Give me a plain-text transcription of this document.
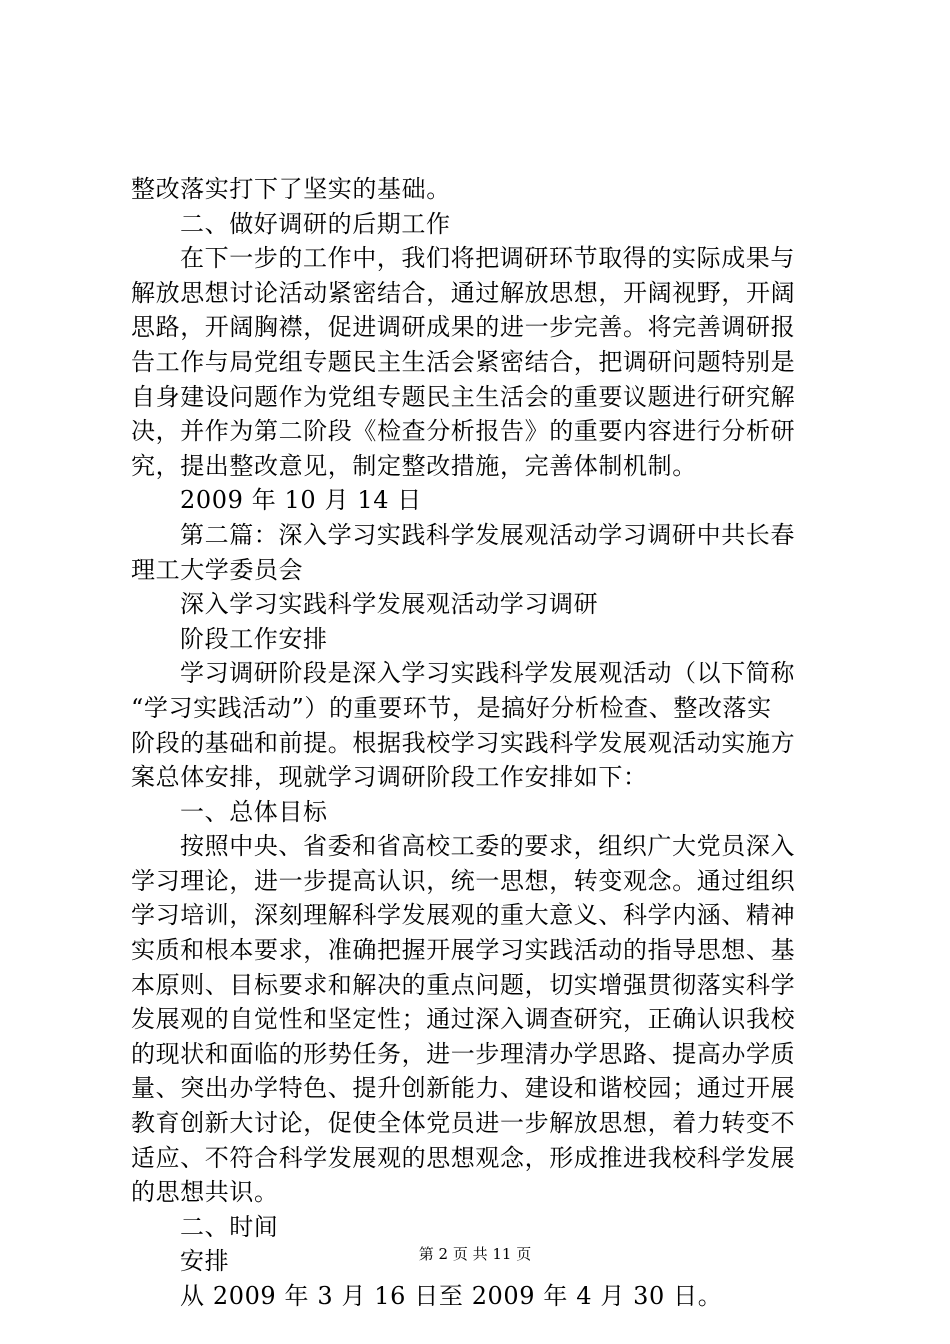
整改落实打下了坚实的基础。
二、做好调研的后期工作
在下一步的工作中，我们将把调研环节取得的实际成果与
解放思想讨论活动紧密结合，通过解放思想，开阔视野，开阔
思路，开阔胸襟，促进调研成果的进一步完善。将完善调研报
告工作与局党组专题民主生活会紧密结合，把调研问题特别是
自身建设问题作为党组专题民主生活会的重要议题进行研究解
决，并作为第二阶段《检查分析报告》的重要内容进行分析研
究，提出整改意见，制定整改措施，完善体制机制。
2009 年 10 月 14 日
第二篇：深入学习实践科学发展观活动学习调研中共长春
理工大学委员会
深入学习实践科学发展观活动学习调研
阶段工作安排
学习调研阶段是深入学习实践科学发展观活动（以下简称
“学习实践活动”）的重要环节，是搞好分析检查、整改落实
阶段的基础和前提。根据我校学习实践科学发展观活动实施方
案总体安排，现就学习调研阶段工作安排如下：
一、总体目标
按照中央、省委和省高校工委的要求，组织广大党员深入
学习理论，进一步提高认识，统一思想，转变观念。通过组织
学习培训，深刻理解科学发展观的重大意义、科学内涵、精神
实质和根本要求，准确把握开展学习实践活动的指导思想、基
本原则、目标要求和解决的重点问题，切实增强贯彻落实科学
发展观的自觉性和坚定性；通过深入调查研究，正确认识我校
的现状和面临的形势任务，进一步理清办学思路、提高办学质
量、突出办学特色、提升创新能力、建设和谐校园；通过开展
教育创新大讨论，促使全体党员进一步解放思想，着力转变不
适应、不符合科学发展观的思想观念，形成推进我校科学发展
的思想共识。
二、时间
安排
从 2009 年 3 月 16 日至 2009 年 4 月 30 日。
第 2 页 共 11 页
